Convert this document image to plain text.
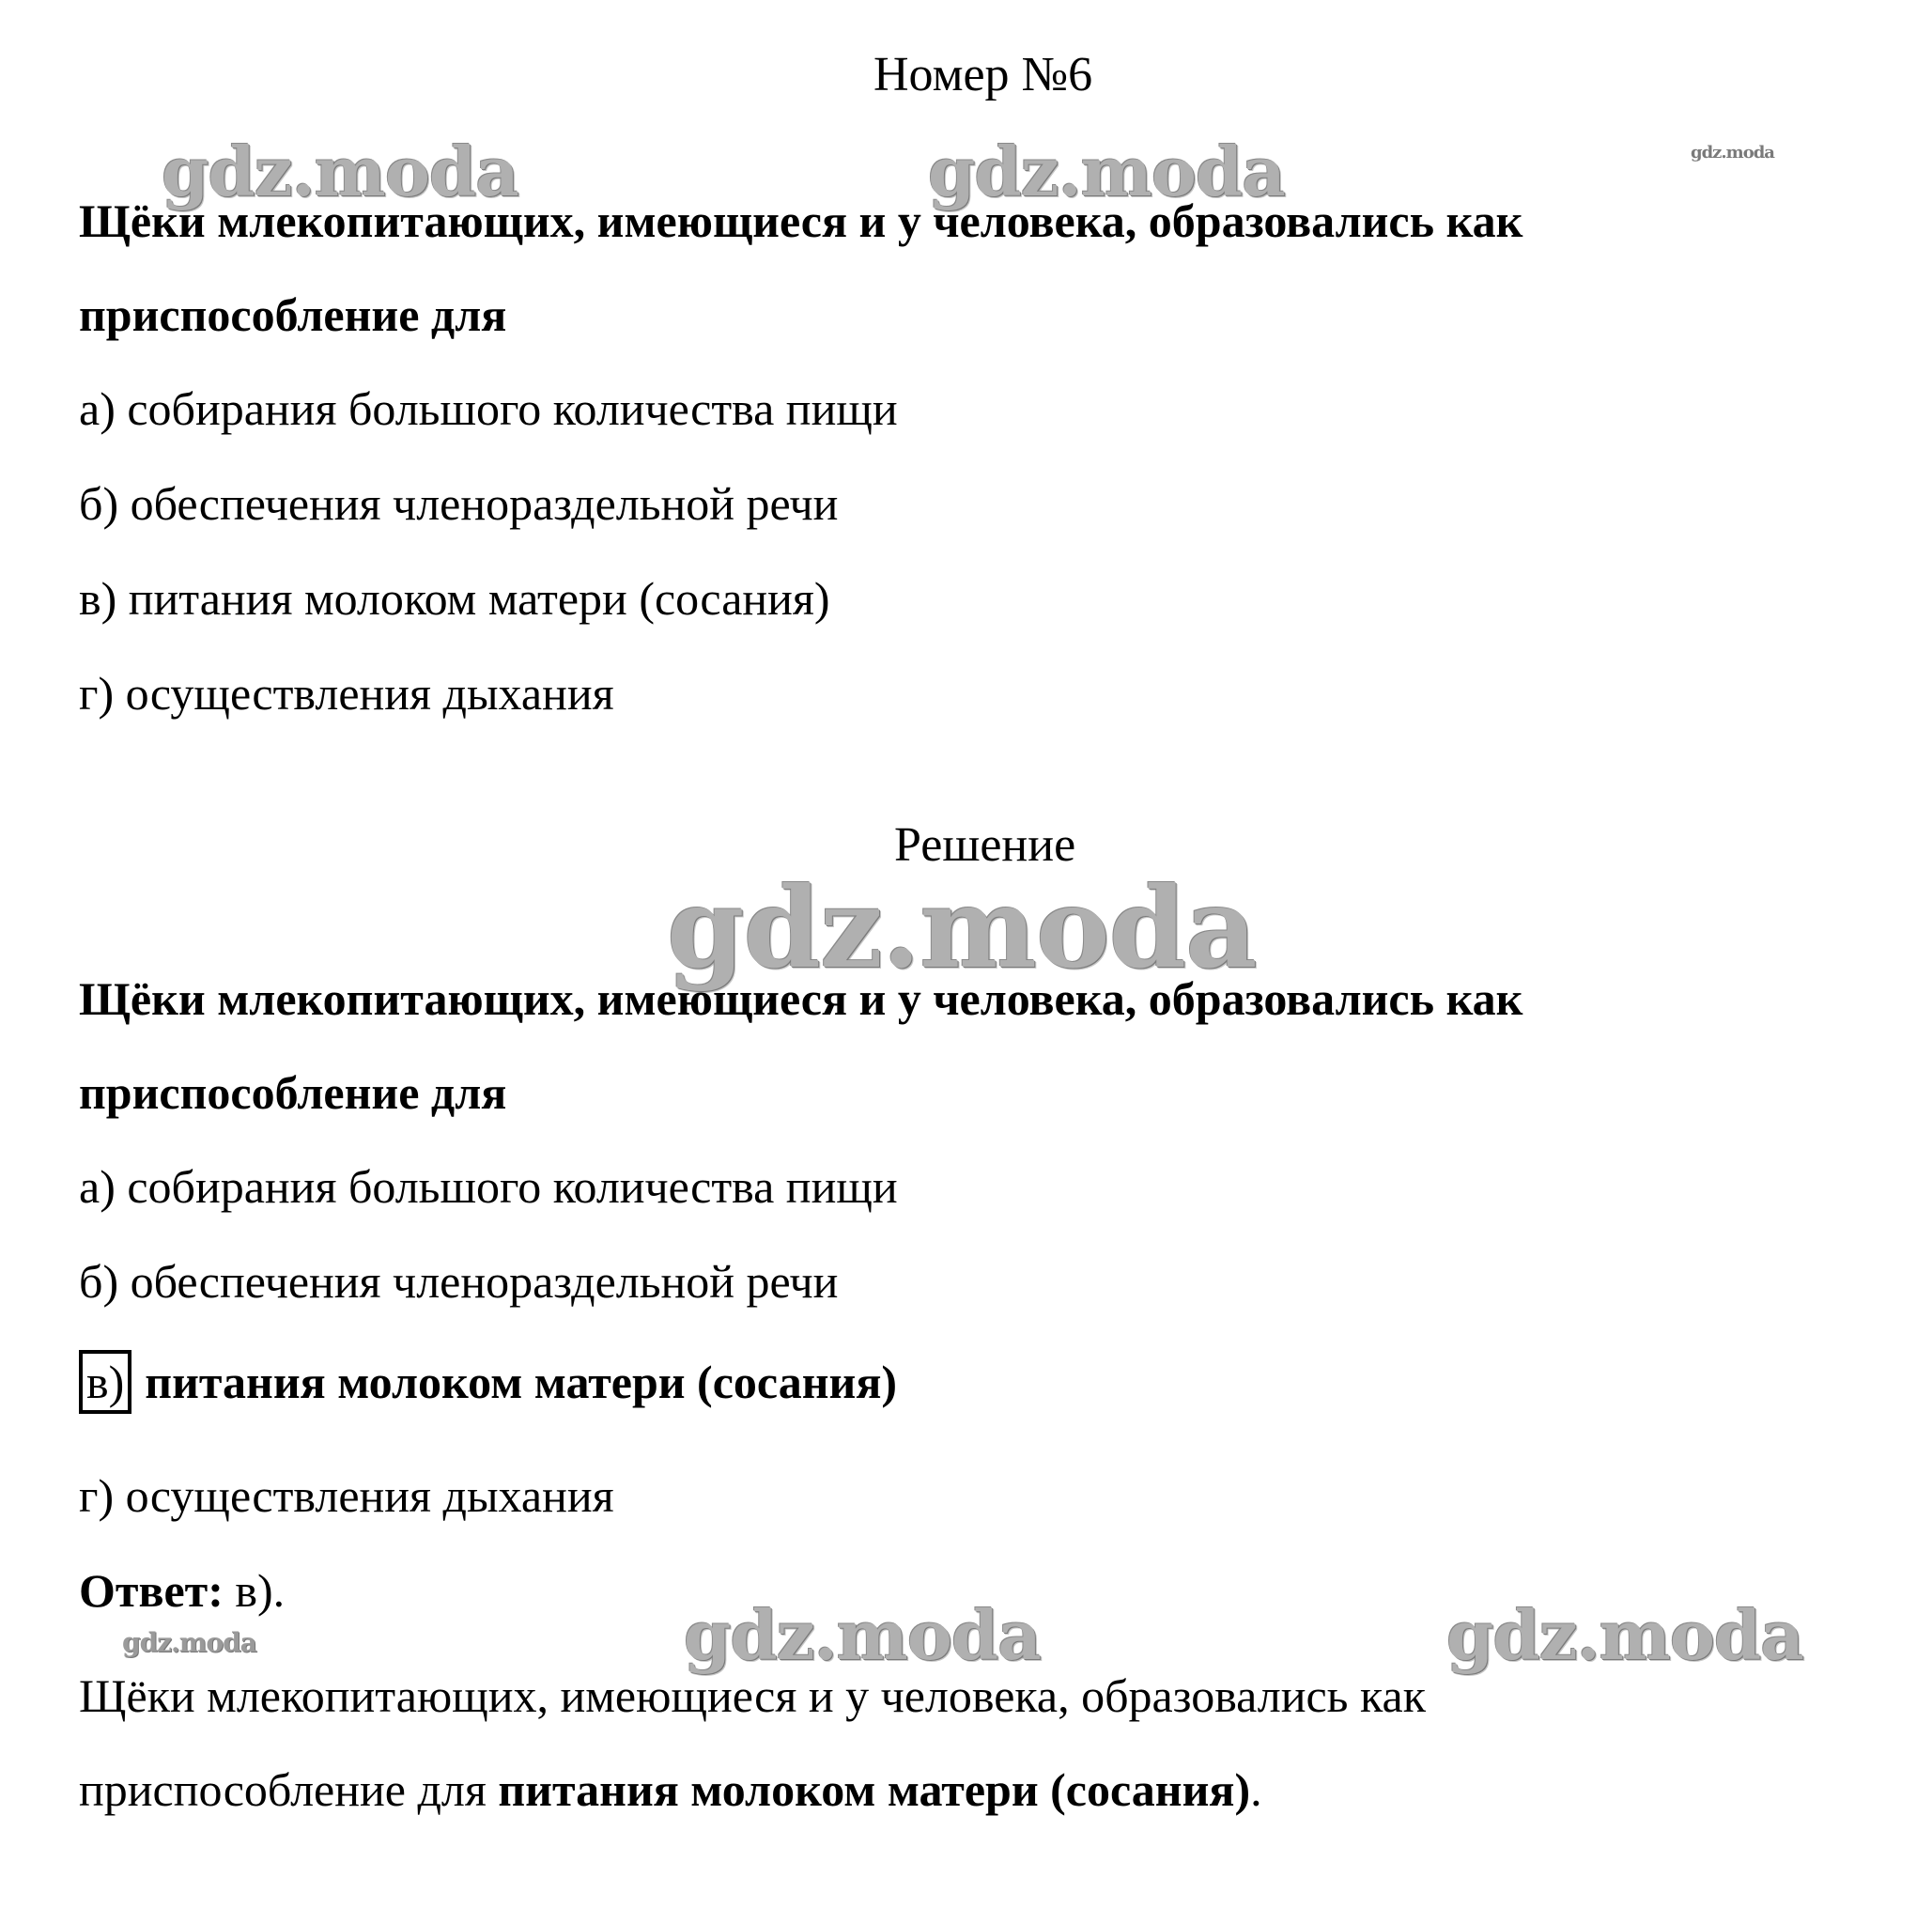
Номер №6
gdz.moda	gdz.moda	gdz.moda
Щёки млекопитающих, имеющиеся и у человека, образовались как
приспособление для
а) собирания большого количества пищи
б) обеспечения членораздельной речи
в) питания молоком матери (сосания)
г) осуществления дыхания
Решение
gdz.moda
Щёки млекопитающих, имеющиеся и у человека, образовались как
приспособление для
а) собирания большого количества пищи
б) обеспечения членораздельной речи
в) питания молоком матери (сосания)
г) осуществления дыхания
Ответ: в).
gdz.moda	gdz.moda
gdz.moda
Щёки млекопитающих, имеющиеся и у человека, образовались как
приспособление для питания молоком матери (сосания).
